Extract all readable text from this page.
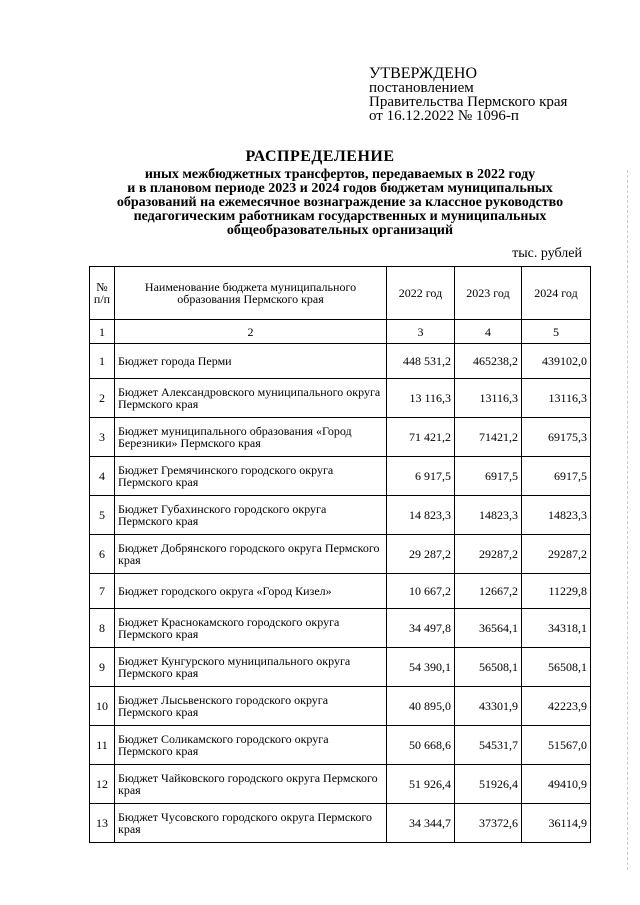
УТВЕРЖДЕНО
постановлением
Правительства Пермского края
от 16.12.2022 № 1096-п
РАСПРЕДЕЛЕНИЕ
иных межбюджетных трансфертов, передаваемых в 2022 году
и в плановом периоде 2023 и 2024 годов бюджетам муниципальных
образований на ежемесячное вознаграждение за классное руководство
педагогическим работникам государственных и муниципальных
общеобразовательных организаций
тыс. рублей
№ п/п	Наименование бюджета муниципального образования Пермского края	2022 год	2023 год	2024 год
1	2	3	4	5
1	Бюджет города Перми	448 531,2	465238,2	439102,0
2	Бюджет Александровского муниципального округа Пермского края	13 116,3	13116,3	13116,3
3	Бюджет муниципального образования «Город Березники» Пермского края	71 421,2	71421,2	69175,3
4	Бюджет Гремячинского городского округа Пермского края	6 917,5	6917,5	6917,5
5	Бюджет Губахинского городского округа Пермского края	14 823,3	14823,3	14823,3
6	Бюджет Добрянского городского округа Пермского края	29 287,2	29287,2	29287,2
7	Бюджет городского округа «Город Кизел»	10 667,2	12667,2	11229,8
8	Бюджет Краснокамского городского округа Пермского края	34 497,8	36564,1	34318,1
9	Бюджет Кунгурского муниципального округа Пермского края	54 390,1	56508,1	56508,1
10	Бюджет Лысьвенского городского округа Пермского края	40 895,0	43301,9	42223,9
11	Бюджет Соликамского городского округа Пермского края	50 668,6	54531,7	51567,0
12	Бюджет Чайковского городского округа Пермского края	51 926,4	51926,4	49410,9
13	Бюджет Чусовского городского округа Пермского края	34 344,7	37372,6	36114,9
